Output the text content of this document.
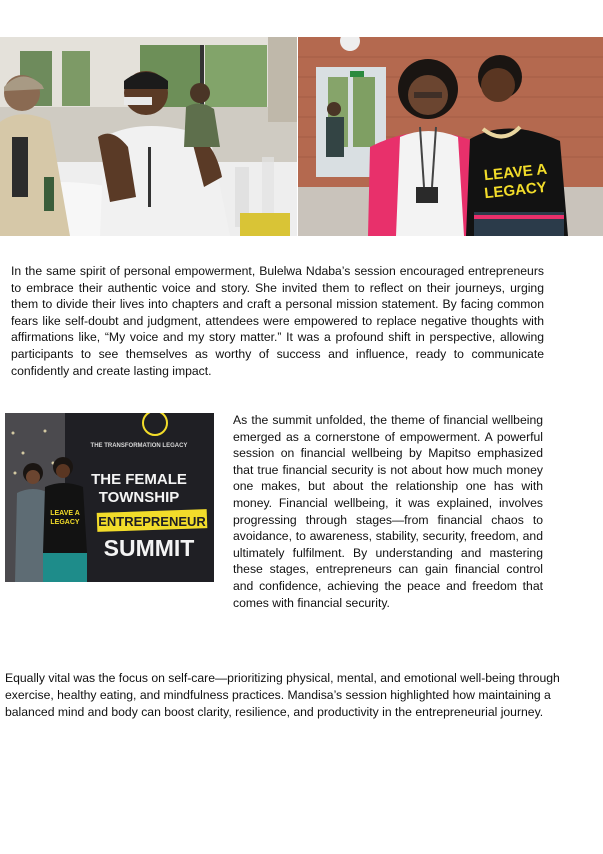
LEAVE A
LEGACY

In the same spirit of personal empowerment, Bulelwa Ndaba’s session encouraged entrepreneurs to embrace their authentic voice and story. She invited them to reflect on their journeys, urging them to divide their lives into chapters and craft a personal mission statement. By facing common fears like self-doubt and judgment, attendees were empowered to replace negative thoughts with affirmations like, “My voice and my story matter.” It was a profound shift in perspective, allowing participants to see themselves as worthy of success and influence, ready to communicate confidently and create lasting impact.

THE TRANSFORMATION LEGACY
THE FEMALE
TOWNSHIP
ENTREPRENEUR
SUMMIT
LEAVE A
LEGACY

As the summit unfolded, the theme of financial wellbeing emerged as a cornerstone of empowerment. A powerful session on financial wellbeing by Mapitso emphasized that true financial security is not about how much money one makes, but about the relationship one has with money. Financial wellbeing, it was explained, involves progressing through stages—from financial chaos to avoidance, to awareness, stability, security, freedom, and ultimately fulfilment. By understanding and mastering these stages, entrepreneurs can gain financial control and confidence, achieving the peace and freedom that comes with financial security.

Equally vital was the focus on self-care—prioritizing physical, mental, and emotional well-being through exercise, healthy eating, and mindfulness practices. Mandisa’s session highlighted how maintaining a balanced mind and body can boost clarity, resilience, and productivity in the entrepreneurial journey.
